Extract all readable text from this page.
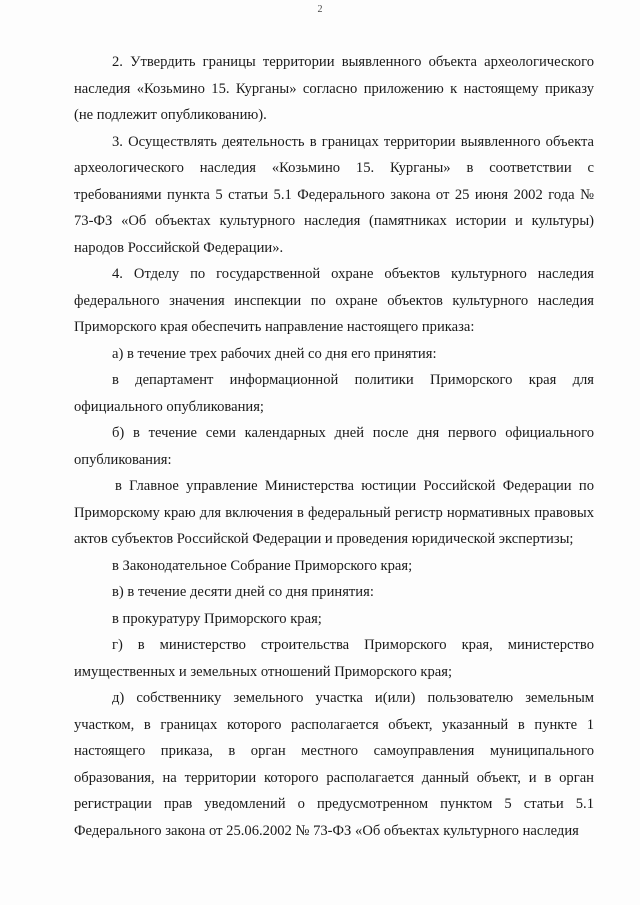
2

2. Утвердить границы территории выявленного объекта археологического наследия «Козьмино 15. Курганы» согласно приложению к настоящему приказу (не подлежит опубликованию).

3. Осуществлять деятельность в границах территории выявленного объекта археологического наследия «Козьмино 15. Курганы» в соответствии с требованиями пункта 5 статьи 5.1 Федерального закона от 25 июня 2002 года № 73-ФЗ «Об объектах культурного наследия (памятниках истории и культуры) народов Российской Федерации».

4. Отделу по государственной охране объектов культурного наследия федерального значения инспекции по охране объектов культурного наследия Приморского края обеспечить направление настоящего приказа:

а) в течение трех рабочих дней со дня его принятия:

в департамент информационной политики Приморского края для официального опубликования;

б) в течение семи календарных дней после дня первого официального опубликования:

в Главное управление Министерства юстиции Российской Федерации по Приморскому краю для включения в федеральный регистр нормативных правовых актов субъектов Российской Федерации и проведения юридической экспертизы;

в Законодательное Собрание Приморского края;

в) в течение десяти дней со дня принятия:

в прокуратуру Приморского края;

г) в министерство строительства Приморского края, министерство имущественных и земельных отношений Приморского края;

д) собственнику земельного участка и(или) пользователю земельным участком, в границах которого располагается объект, указанный в пункте 1 настоящего приказа, в орган местного самоуправления муниципального образования, на территории которого располагается данный объект, и в орган регистрации прав уведомлений о предусмотренном пунктом 5 статьи 5.1 Федерального закона от 25.06.2002 № 73-ФЗ «Об объектах культурного наследия
